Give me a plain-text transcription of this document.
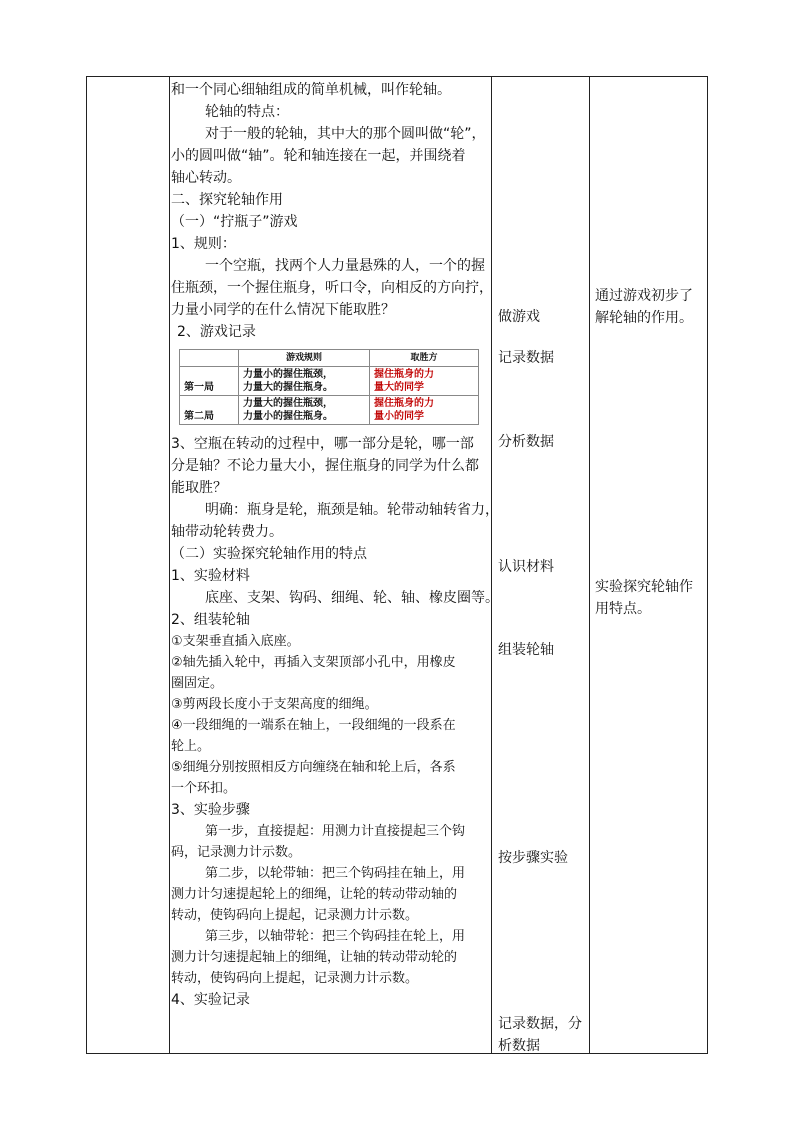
和一个同心细轴组成的简单机械，叫作轮轴。
轮轴的特点：
对于一般的轮轴，其中大的那个圆叫做“轮”，
小的圆叫做“轴”。轮和轴连接在一起，并围绕着
轴心转动。
二、探究轮轴作用
（一）“拧瓶子”游戏
1、规则：
一个空瓶，找两个人力量悬殊的人，一个的握
住瓶颈，一个握住瓶身，听口令，向相反的方向拧，
力量小同学的在什么情况下能取胜？
2、游戏记录
	游戏规则	取胜方
第一局	力量小的握住瓶颈，
力量大的握住瓶身。	握住瓶身的力
量大的同学
第二局	力量大的握住瓶颈，
力量小的握住瓶身。	握住瓶身的力
量小的同学
3、空瓶在转动的过程中，哪一部分是轮，哪一部
分是轴？不论力量大小，握住瓶身的同学为什么都
能取胜？
明确：瓶身是轮，瓶颈是轴。轮带动轴转省力，
轴带动轮转费力。
（二）实验探究轮轴作用的特点
1、实验材料
底座、支架、钩码、细绳、轮、轴、橡皮圈等。
2、组装轮轴
①支架垂直插入底座。
②轴先插入轮中，再插入支架顶部小孔中，用橡皮
圈固定。
③剪两段长度小于支架高度的细绳。
④一段细绳的一端系在轴上，一段细绳的一段系在
轮上。
⑤细绳分别按照相反方向缠绕在轴和轮上后，各系
一个环扣。
3、实验步骤
第一步，直接提起：用测力计直接提起三个钩
码，记录测力计示数。
第二步，以轮带轴：把三个钩码挂在轴上，用
测力计匀速提起轮上的细绳，让轮的转动带动轴的
转动，使钩码向上提起，记录测力计示数。
第三步，以轴带轮：把三个钩码挂在轮上，用
测力计匀速提起轴上的细绳，让轴的转动带动轮的
转动，使钩码向上提起，记录测力计示数。
4、实验记录
做游戏
记录数据
分析数据
认识材料
组装轮轴
按步骤实验
记录数据，分
析数据
通过游戏初步了
解轮轴的作用。
实验探究轮轴作
用特点。
